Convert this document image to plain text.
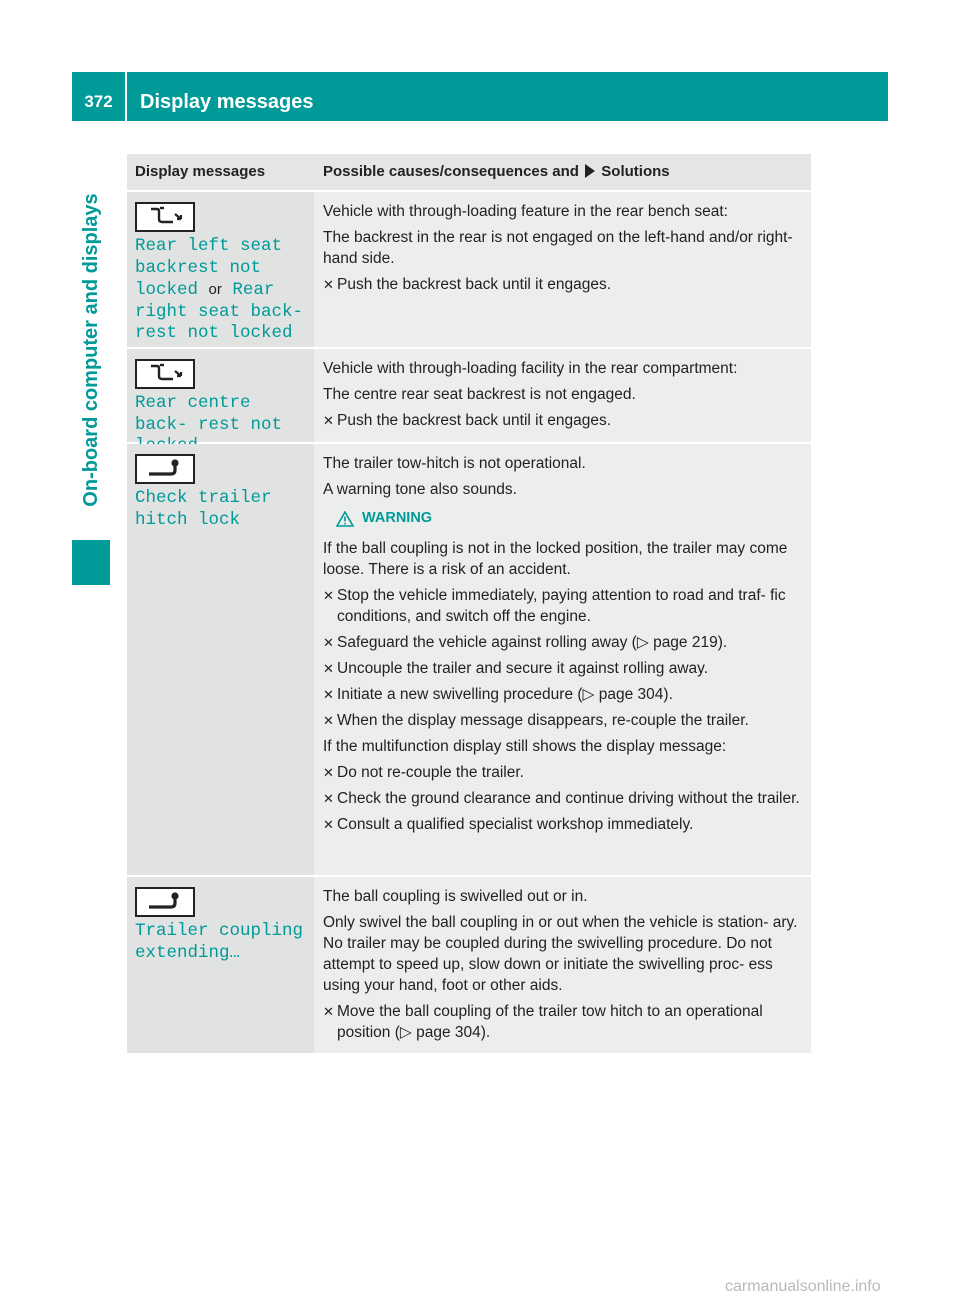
372	Display messages
On-board computer and displays
Display messages	Possible causes/consequences and Solutions
Rear left seat backrest not locked or Rear right seat back- rest not locked
Vehicle with through-loading feature in the rear bench seat:
The backrest in the rear is not engaged on the left-hand and/or right-hand side.
✕ Push the backrest back until it engages.
Rear centre back- rest not
Vehicle with through-loading facility in the rear compartment:
The centre rear seat backrest is not engaged.
✕ Push the backrest back until it engages.
Check trailer hitch lock
The trailer tow-hitch is not operational.
A warning tone also sounds.
WARNING
If the ball coupling is not in the locked position, the trailer may come loose. There is a risk of an accident.
✕ Stop the vehicle immediately, paying attention to road and traf- fic conditions, and switch off the engine.
✕ Safeguard the vehicle against rolling away (▷ page 219).
✕ Uncouple the trailer and secure it against rolling away.
✕ Initiate a new swivelling procedure (▷ page 304).
✕ When the display message disappears, re-couple the trailer.
If the multifunction display still shows the display message:
✕ Do not re-couple the trailer.
✕ Check the ground clearance and continue driving without the trailer.
✕ Consult a qualified specialist workshop immediately.
Trailer coupling extending…
The ball coupling is swivelled out or in.
Only swivel the ball coupling in or out when the vehicle is station- ary. No trailer may be coupled during the swivelling procedure. Do not attempt to speed up, slow down or initiate the swivelling proc- ess using your hand, foot or other aids.
✕ Move the ball coupling of the trailer tow hitch to an operational position (▷ page 304).
carmanualsonline.info
